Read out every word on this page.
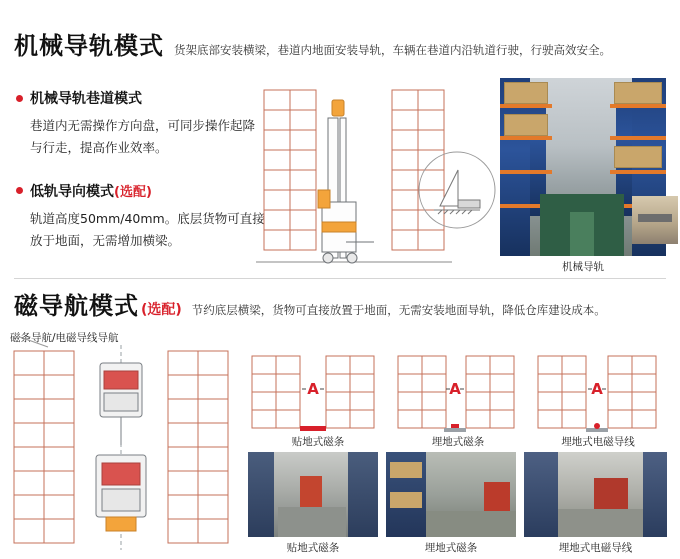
机械导轨模式 货架底部安装横梁，巷道内地面安装导轨，车辆在巷道内沿轨道行驶，行驶高效安全。
机械导轨巷道模式
巷道内无需操作方向盘，可同步操作起降与行走，提高作业效率。
低轨导向模式 (选配)
轨道高度50mm/40mm。底层货物可直接放于地面，无需增加横梁。
机械导轨
磁导航模式 (选配) 节约底层横梁，货物可直接放置于地面，无需安装地面导轨，降低仓库建设成本。
磁条导航/电磁导线导航
A	A	A
贴地式磁条	埋地式磁条	埋地式电磁导线
贴地式磁条	埋地式磁条	埋地式电磁导线
